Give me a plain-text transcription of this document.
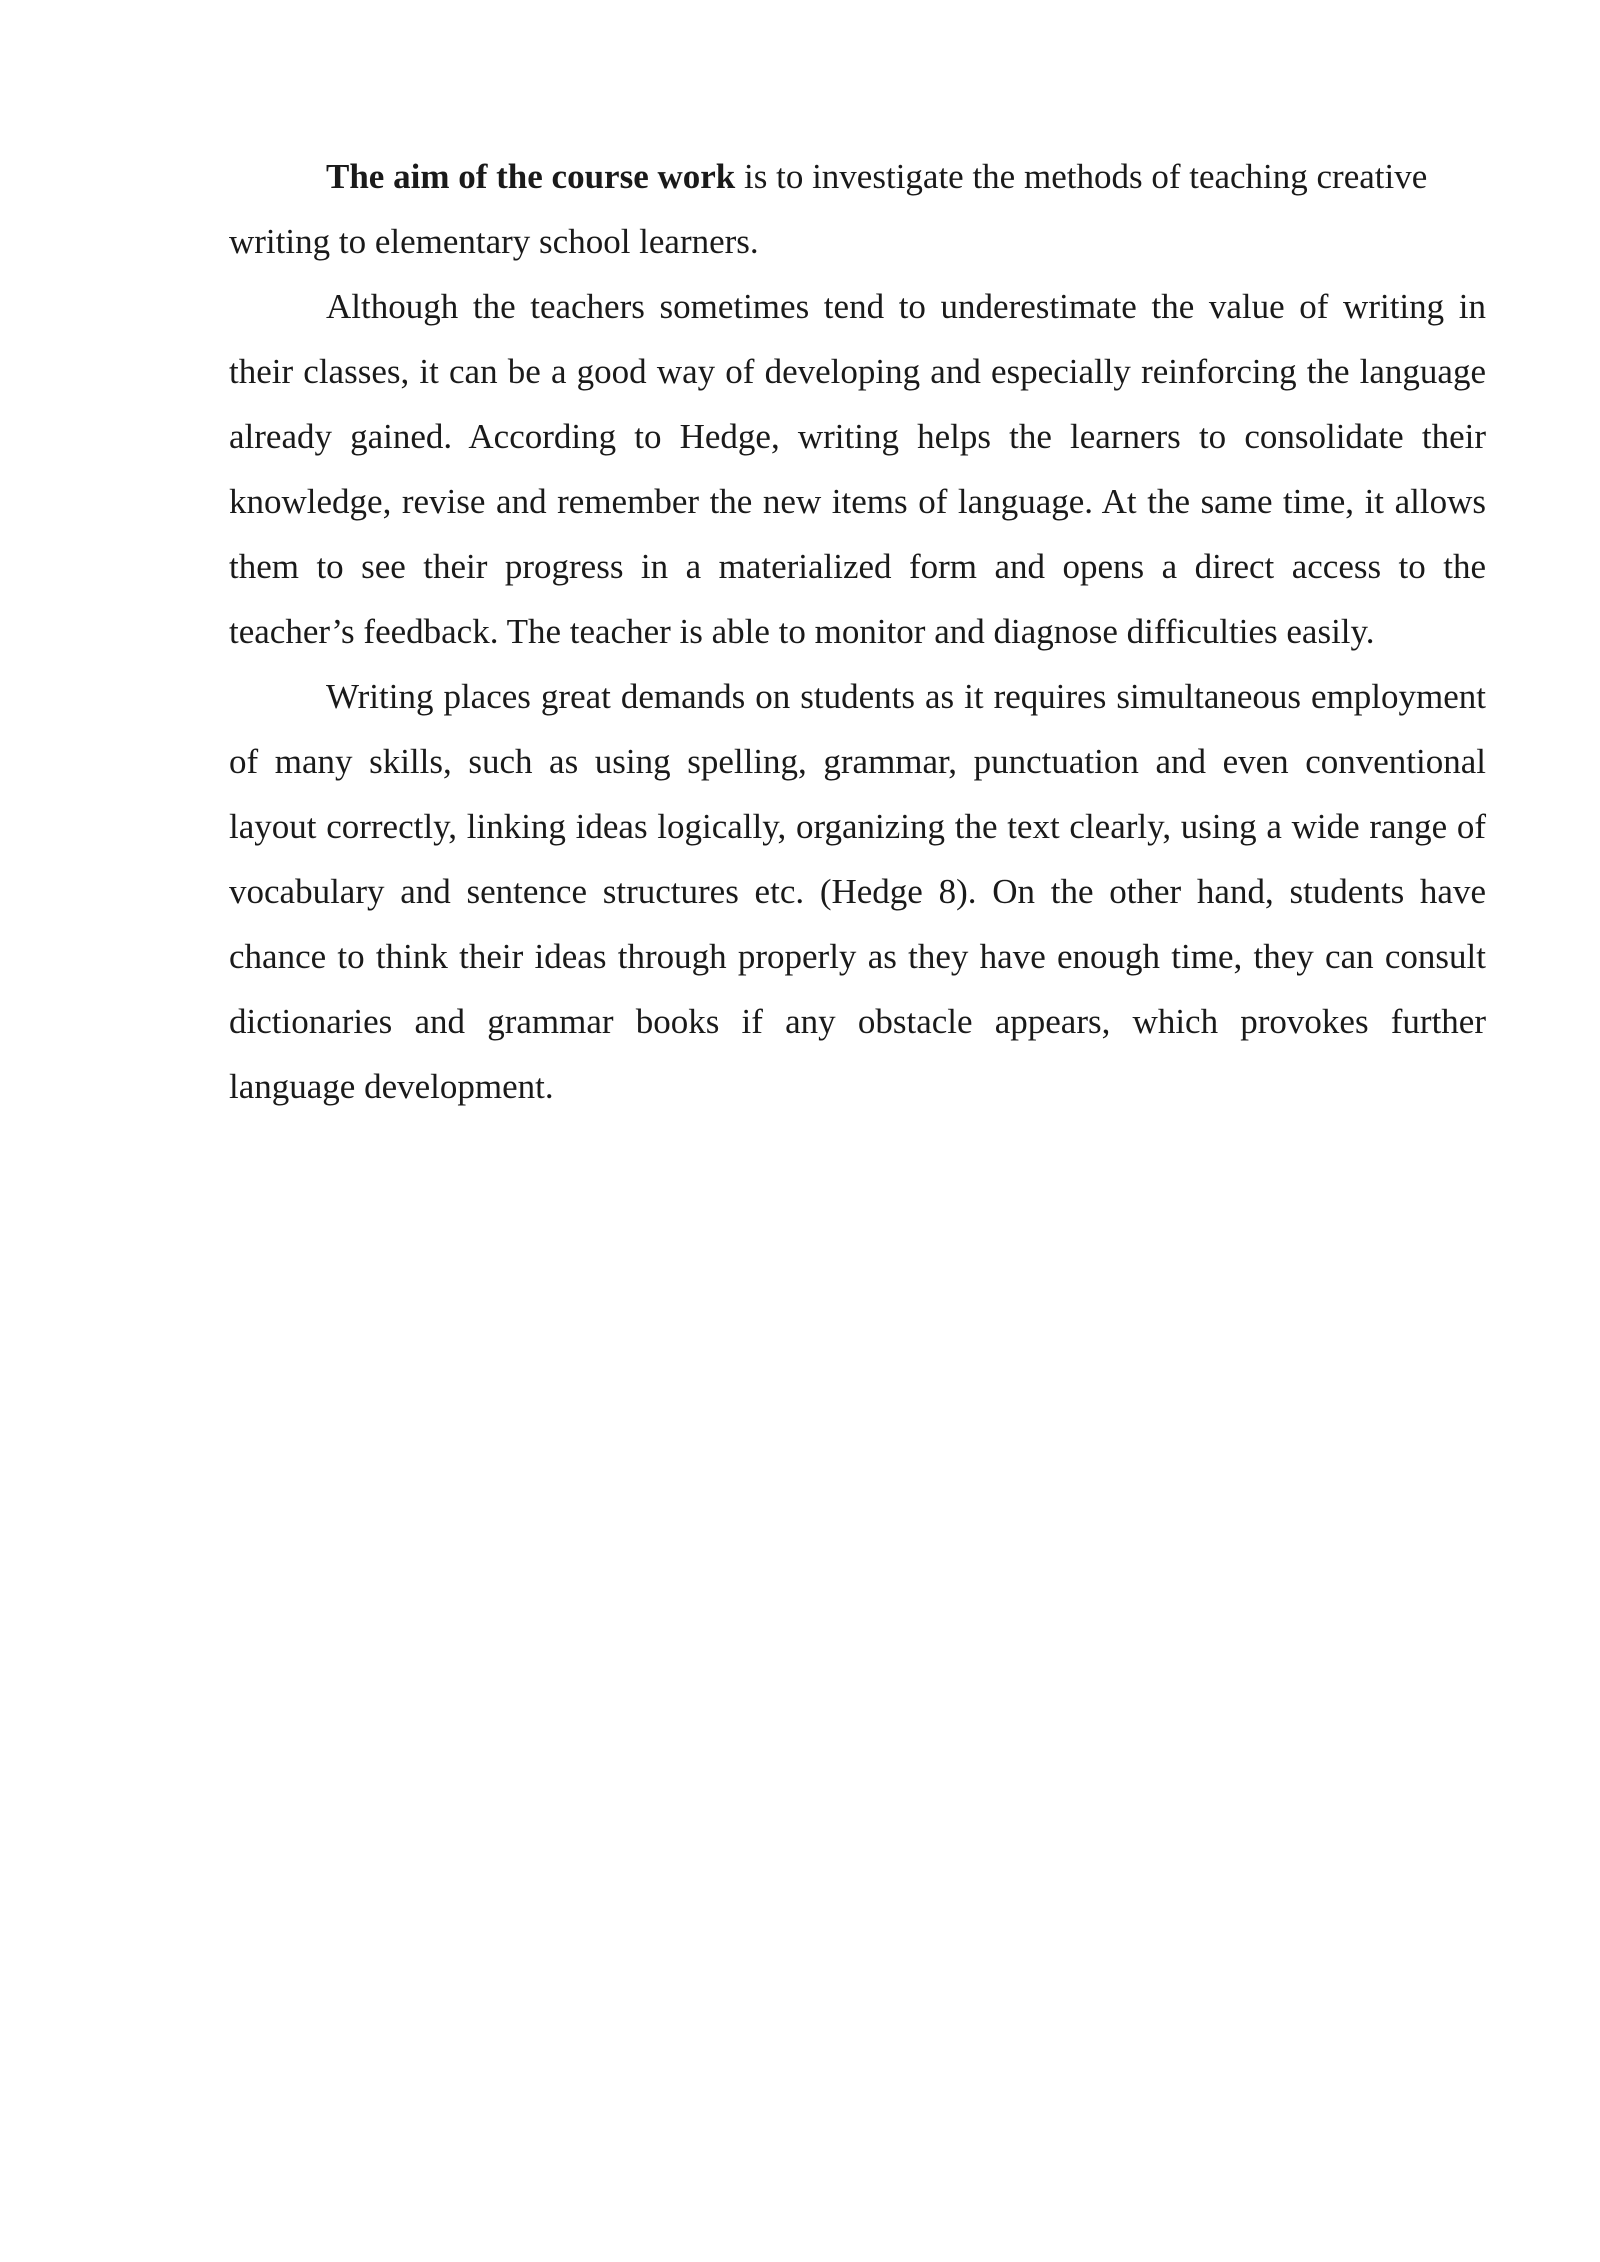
The aim of the course work is to investigate the methods of teaching creative writing to elementary school learners.

Although the teachers sometimes tend to underestimate the value of writing in their classes, it can be a good way of developing and especially reinforcing the language already gained. According to Hedge, writing helps the learners to consolidate their knowledge, revise and remember the new items of language. At the same time, it allows them to see their progress in a materialized form and opens a direct access to the teacher’s feedback. The teacher is able to monitor and diagnose difficulties easily.

Writing places great demands on students as it requires simultaneous employment of many skills, such as using spelling, grammar, punctuation and even conventional layout correctly, linking ideas logically, organizing the text clearly, using a wide range of vocabulary and sentence structures etc. (Hedge 8). On the other hand, students have chance to think their ideas through properly as they have enough time, they can consult dictionaries and grammar books if any obstacle appears, which provokes further language development.
